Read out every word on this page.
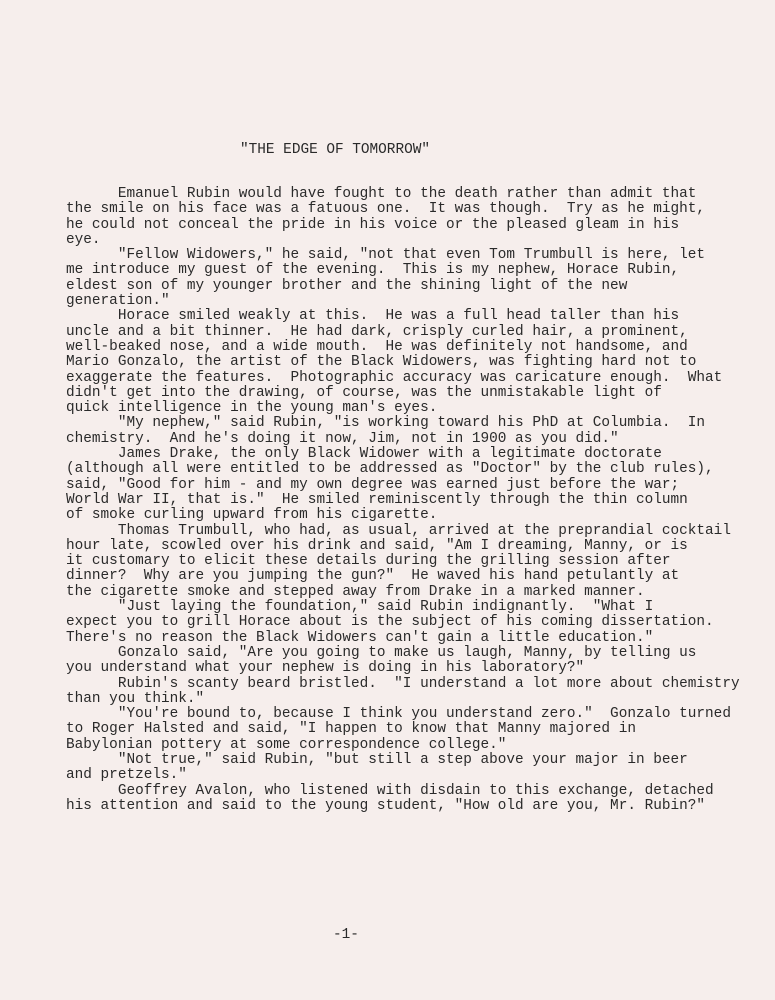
"THE EDGE OF TOMORROW"
Emanuel Rubin would have fought to the death rather than admit that
the smile on his face was a fatuous one.  It was though.  Try as he might,
he could not conceal the pride in his voice or the pleased gleam in his
eye.
"Fellow Widowers," he said, "not that even Tom Trumbull is here, let
me introduce my guest of the evening.  This is my nephew, Horace Rubin,
eldest son of my younger brother and the shining light of the new
generation."
Horace smiled weakly at this.  He was a full head taller than his
uncle and a bit thinner.  He had dark, crisply curled hair, a prominent,
well-beaked nose, and a wide mouth.  He was definitely not handsome, and
Mario Gonzalo, the artist of the Black Widowers, was fighting hard not to
exaggerate the features.  Photographic accuracy was caricature enough.  What
didn't get into the drawing, of course, was the unmistakable light of
quick intelligence in the young man's eyes.
"My nephew," said Rubin, "is working toward his PhD at Columbia.  In
chemistry.  And he's doing it now, Jim, not in 1900 as you did."
James Drake, the only Black Widower with a legitimate doctorate
(although all were entitled to be addressed as "Doctor" by the club rules),
said, "Good for him - and my own degree was earned just before the war;
World War II, that is."  He smiled reminiscently through the thin column
of smoke curling upward from his cigarette.
Thomas Trumbull, who had, as usual, arrived at the preprandial cocktail
hour late, scowled over his drink and said, "Am I dreaming, Manny, or is
it customary to elicit these details during the grilling session after
dinner?  Why are you jumping the gun?"  He waved his hand petulantly at
the cigarette smoke and stepped away from Drake in a marked manner.
"Just laying the foundation," said Rubin indignantly.  "What I
expect you to grill Horace about is the subject of his coming dissertation.
There's no reason the Black Widowers can't gain a little education."
Gonzalo said, "Are you going to make us laugh, Manny, by telling us
you understand what your nephew is doing in his laboratory?"
Rubin's scanty beard bristled.  "I understand a lot more about chemistry
than you think."
"You're bound to, because I think you understand zero."  Gonzalo turned
to Roger Halsted and said, "I happen to know that Manny majored in
Babylonian pottery at some correspondence college."
"Not true," said Rubin, "but still a step above your major in beer
and pretzels."
Geoffrey Avalon, who listened with disdain to this exchange, detached
his attention and said to the young student, "How old are you, Mr. Rubin?"
-1-
